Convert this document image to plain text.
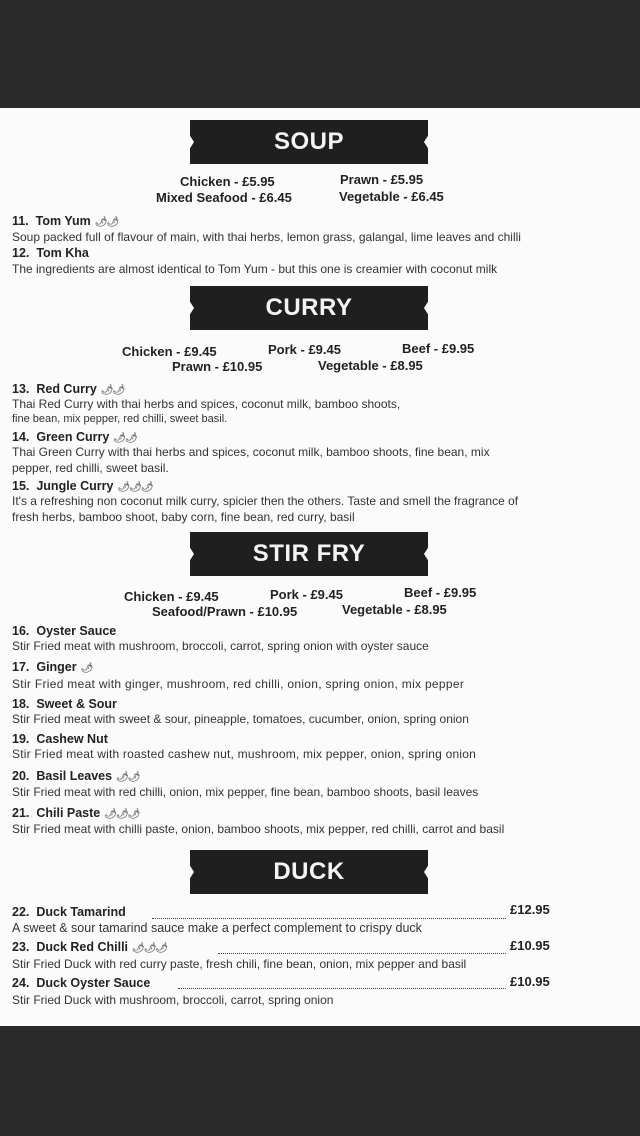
SOUP
Chicken - £5.95	Prawn - £5.95
Mixed Seafood - £6.45	Vegetable - £6.45
11. Tom Yum 🌶🌶
Soup packed full of flavour of main, with thai herbs, lemon grass, galangal, lime leaves and chilli
12. Tom Kha
The ingredients are almost identical to Tom Yum - but this one is creamier with coconut milk
CURRY
Chicken - £9.45	Pork - £9.45	Beef - £9.95
Prawn - £10.95	Vegetable - £8.95
13. Red Curry 🌶🌶
Thai Red Curry with thai herbs and spices, coconut milk, bamboo shoots,
fine bean, mix pepper, red chilli, sweet basil.
14. Green Curry 🌶🌶
Thai Green Curry with thai herbs and spices, coconut milk, bamboo shoots, fine bean, mix
pepper, red chilli, sweet basil.
15. Jungle Curry 🌶🌶🌶
It's a refreshing non coconut milk curry, spicier then the others. Taste and smell the fragrance of
fresh herbs, bamboo shoot, baby corn, fine bean, red curry, basil
STIR FRY
Chicken - £9.45	Pork - £9.45	Beef - £9.95
Seafood/Prawn - £10.95	Vegetable - £8.95
16. Oyster Sauce
Stir Fried meat with mushroom, broccoli, carrot, spring onion with oyster sauce
17. Ginger 🌶
Stir Fried meat with ginger, mushroom, red chilli, onion, spring onion, mix pepper
18. Sweet & Sour
Stir Fried meat with sweet & sour, pineapple, tomatoes, cucumber, onion, spring onion
19. Cashew Nut
Stir Fried meat with roasted cashew nut, mushroom, mix pepper, onion, spring onion
20. Basil Leaves 🌶🌶
Stir Fried meat with red chilli, onion, mix pepper, fine bean, bamboo shoots, basil leaves
21. Chili Paste 🌶🌶🌶
Stir Fried meat with chilli paste, onion, bamboo shoots, mix pepper, red chilli, carrot and basil
DUCK
22. Duck Tamarind	£12.95
A sweet & sour tamarind sauce make a perfect complement to crispy duck
23. Duck Red Chilli 🌶🌶🌶	£10.95
Stir Fried Duck with red curry paste, fresh chili, fine bean, onion, mix pepper and basil
24. Duck Oyster Sauce	£10.95
Stir Fried Duck with mushroom, broccoli, carrot, spring onion
